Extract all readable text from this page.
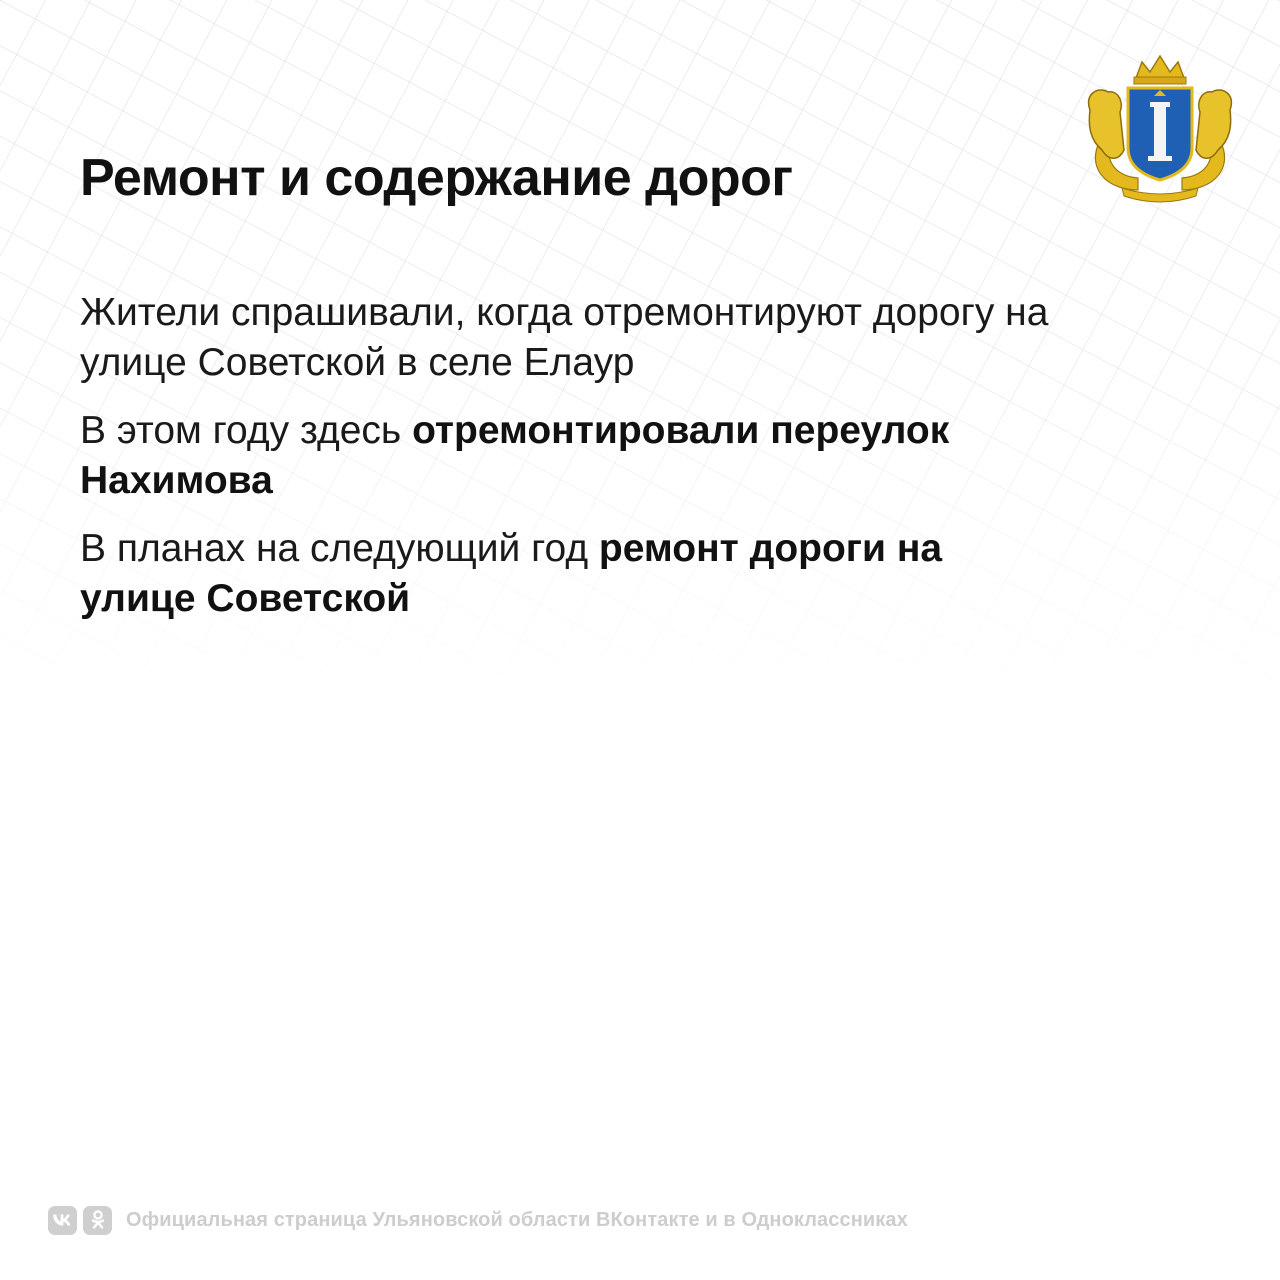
Ремонт и содержание дорог

Жители спрашивали, когда отремонтируют дорогу на улице Советской в селе Елаур

В этом году здесь отремонтировали переулок Нахимова

В планах на следующий год ремонт дороги на улице Советской

Официальная страница Ульяновской области ВКонтакте и в Одноклассниках
